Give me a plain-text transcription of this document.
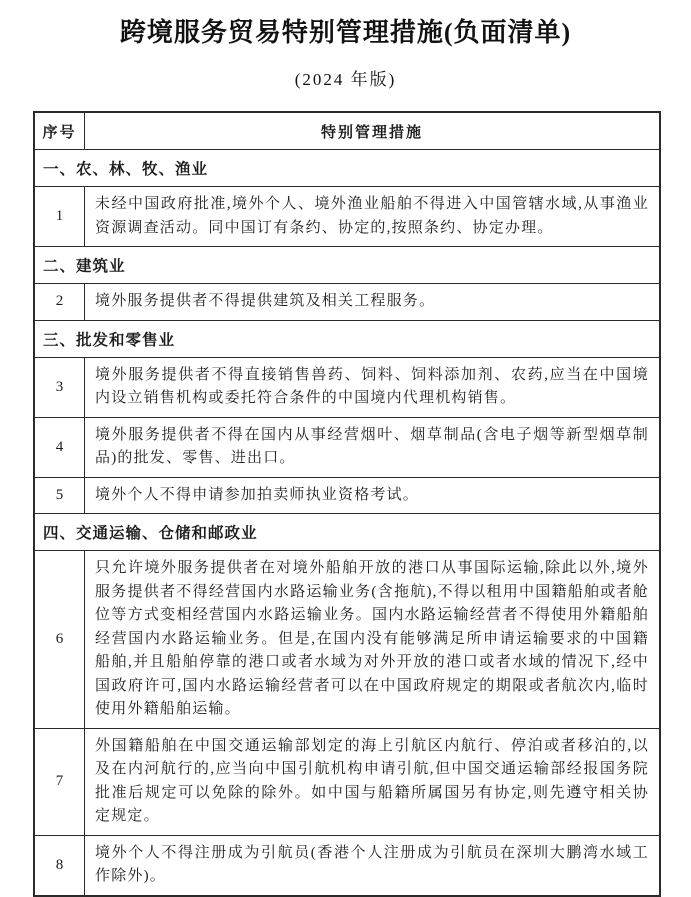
跨境服务贸易特别管理措施(负面清单)

(2024 年版)

序号	特别管理措施
一、农、林、牧、渔业	
1	未经中国政府批准,境外个人、境外渔业船舶不得进入中国管辖水域,从事渔业资源调查活动。同中国订有条约、协定的,按照条约、协定办理。
二、建筑业	
2	境外服务提供者不得提供建筑及相关工程服务。
三、批发和零售业	
3	境外服务提供者不得直接销售兽药、饲料、饲料添加剂、农药,应当在中国境内设立销售机构或委托符合条件的中国境内代理机构销售。
4	境外服务提供者不得在国内从事经营烟叶、烟草制品(含电子烟等新型烟草制品)的批发、零售、进出口。
5	境外个人不得申请参加拍卖师执业资格考试。
四、交通运输、仓储和邮政业	
6	只允许境外服务提供者在对境外船舶开放的港口从事国际运输,除此以外,境外服务提供者不得经营国内水路运输业务(含拖航),不得以租用中国籍船舶或者舱位等方式变相经营国内水路运输业务。国内水路运输经营者不得使用外籍船舶经营国内水路运输业务。但是,在国内没有能够满足所申请运输要求的中国籍船舶,并且船舶停靠的港口或者水域为对外开放的港口或者水域的情况下,经中国政府许可,国内水路运输经营者可以在中国政府规定的期限或者航次内,临时使用外籍船舶运输。
7	外国籍船舶在中国交通运输部划定的海上引航区内航行、停泊或者移泊的,以及在内河航行的,应当向中国引航机构申请引航,但中国交通运输部经报国务院批准后规定可以免除的除外。如中国与船籍所属国另有协定,则先遵守相关协定规定。
8	境外个人不得注册成为引航员(香港个人注册成为引航员在深圳大鹏湾水域工作除外)。
